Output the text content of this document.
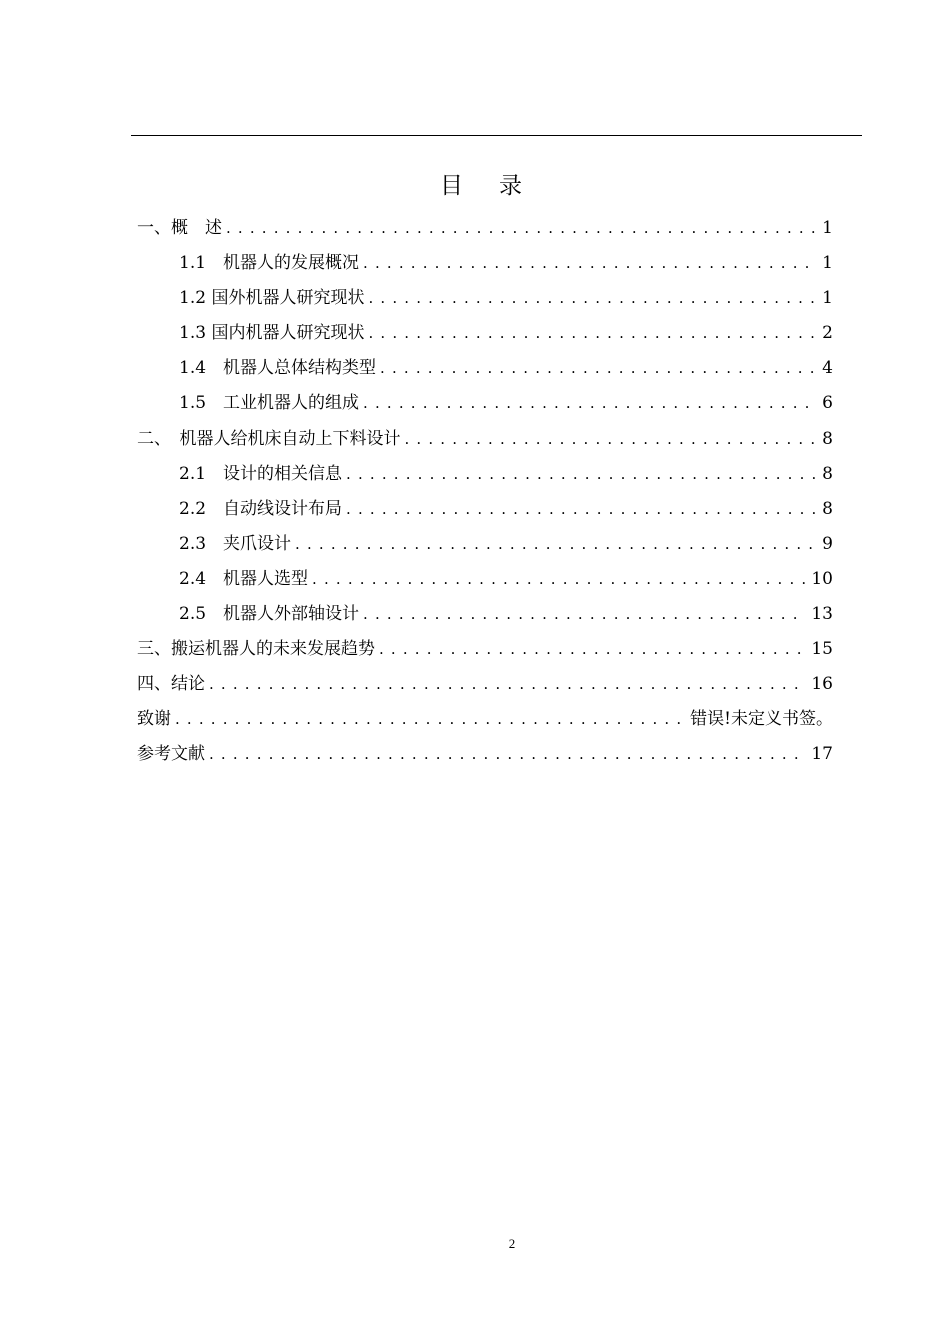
目录
一、概　述 . . .	1
1.1　机器人的发展概况 . . .	1
1.2 国外机器人研究现状 . . .	1
1.3 国内机器人研究现状 . . .	2
1.4　机器人总体结构类型 . . .	4
1.5　工业机器人的组成 . . .	6
二、　机器人给机床自动上下料设计 . . .	8
2.1　设计的相关信息 . . .	8
2.2　自动线设计布局 . . .	8
2.3　夹爪设计 . . .	9
2.4　机器人选型 . . .	10
2.5　机器人外部轴设计 . . .	13
三、搬运机器人的未来发展趋势 . . .	15
四、结论 . . .	16
致谢 . . .	错误!未定义书签。
参考文献 . . .	17
2
